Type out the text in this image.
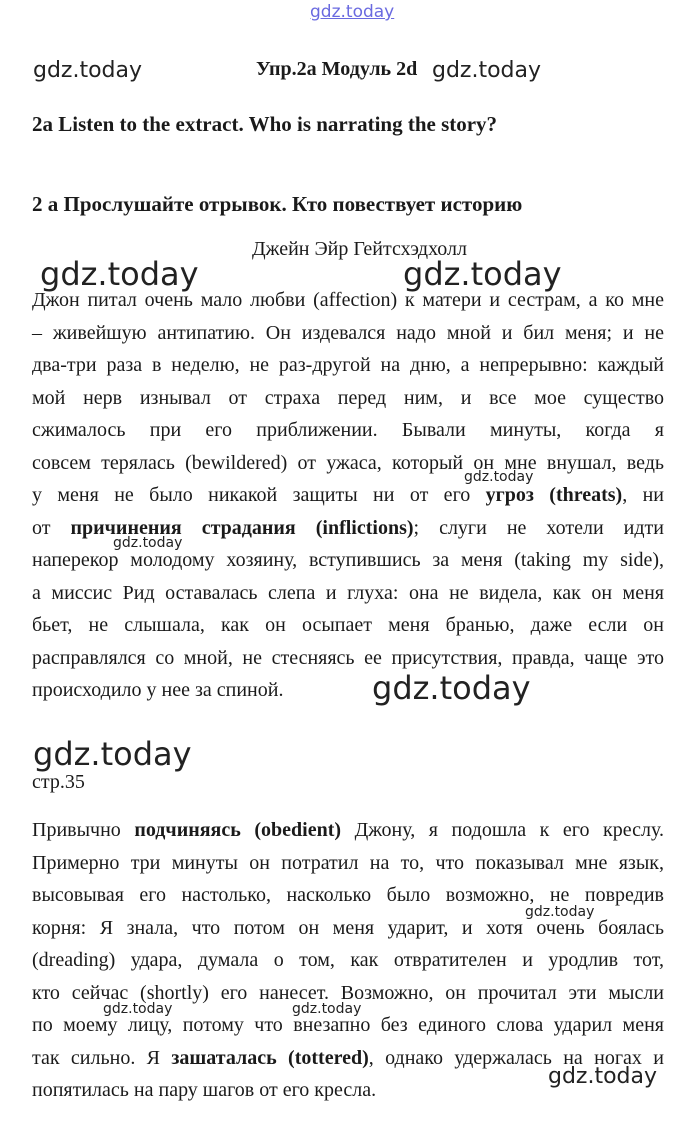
gdz.today
gdz.today	gdz.today
gdz.today	gdz.today
gdz.today
gdz.today
gdz.today
gdz.today
gdz.today
gdz.today	gdz.today
gdz.today
Упр.2а Модуль 2d
2a Listen to the extract. Who is narrating the story?
2 а Прослушайте отрывок. Кто повествует историю
Джейн Эйр Гейтсхэдхолл
Джон питал очень мало любви (affection) к матери и сестрам, а ко мне
– живейшую антипатию. Он издевался надо мной и бил меня; и не
два-три раза в неделю, не раз-другой на дню, а непрерывно: каждый
мой нерв изнывал от страха перед ним, и все мое существо
сжималось при его приближении. Бывали минуты, когда я
совсем терялась (bewildered) от ужаса, который он мне внушал, ведь
у меня не было никакой защиты ни от его угроз (threats), ни
от причинения страдания (inflictions); слуги не хотели идти
наперекор молодому хозяину, вступившись за меня (taking my side),
а миссис Рид оставалась слепа и глуха: она не видела, как он меня
бьет, не слышала, как он осыпает меня бранью, даже если он
расправлялся со мной, не стесняясь ее присутствия, правда, чаще это
происходило у нее за спиной.
стр.35
Привычно подчиняясь (obedient) Джону, я подошла к его креслу.
Примерно три минуты он потратил на то, что показывал мне язык,
высовывая его настолько, насколько было возможно, не повредив
корня: Я знала, что потом он меня ударит, и хотя очень боялась
(dreading) удара, думала о том, как отвратителен и уродлив тот,
кто сейчас (shortly) его нанесет. Возможно, он прочитал эти мысли
по моему лицу, потому что внезапно без единого слова ударил меня
так сильно. Я зашаталась (tottered), однако удержалась на ногах и
попятилась на пару шагов от его кресла.
